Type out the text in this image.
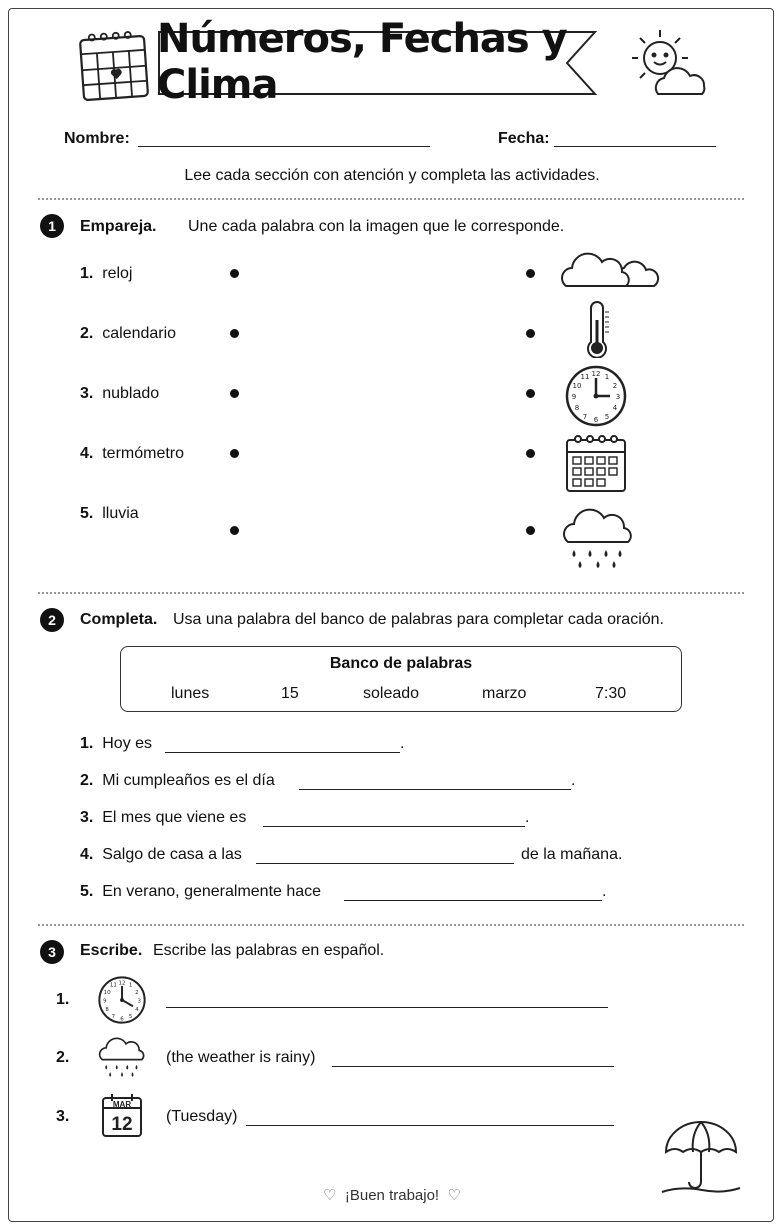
Números, Fechas y Clima
Nombre:	Fecha:
Lee cada sección con atención y completa las actividades.
1	Empareja. Une cada palabra con la imagen que le corresponde.
1. reloj
2. calendario
3. nublado
4. termómetro
5. lluvia
12
3
6
9
1
2
4
5
7
8
10
11
2	Completa. Usa una palabra del banco de palabras para completar cada oración.
Banco de palabras
lunes	15	soleado	marzo	7:30
1. Hoy es	.
2. Mi cumpleaños es el día	.
3. El mes que viene es	.
4. Salgo de casa a las	de la mañana.
5. En verano, generalmente hace	.
3	Escribe. Escribe las palabras en español.
1.
12
3
6
9
1
2
4
5
7
8
10
11
2.	(the weather is rainy)
3.
MAR
12 (Tuesday)
♡ ¡Buen trabajo! ♡
